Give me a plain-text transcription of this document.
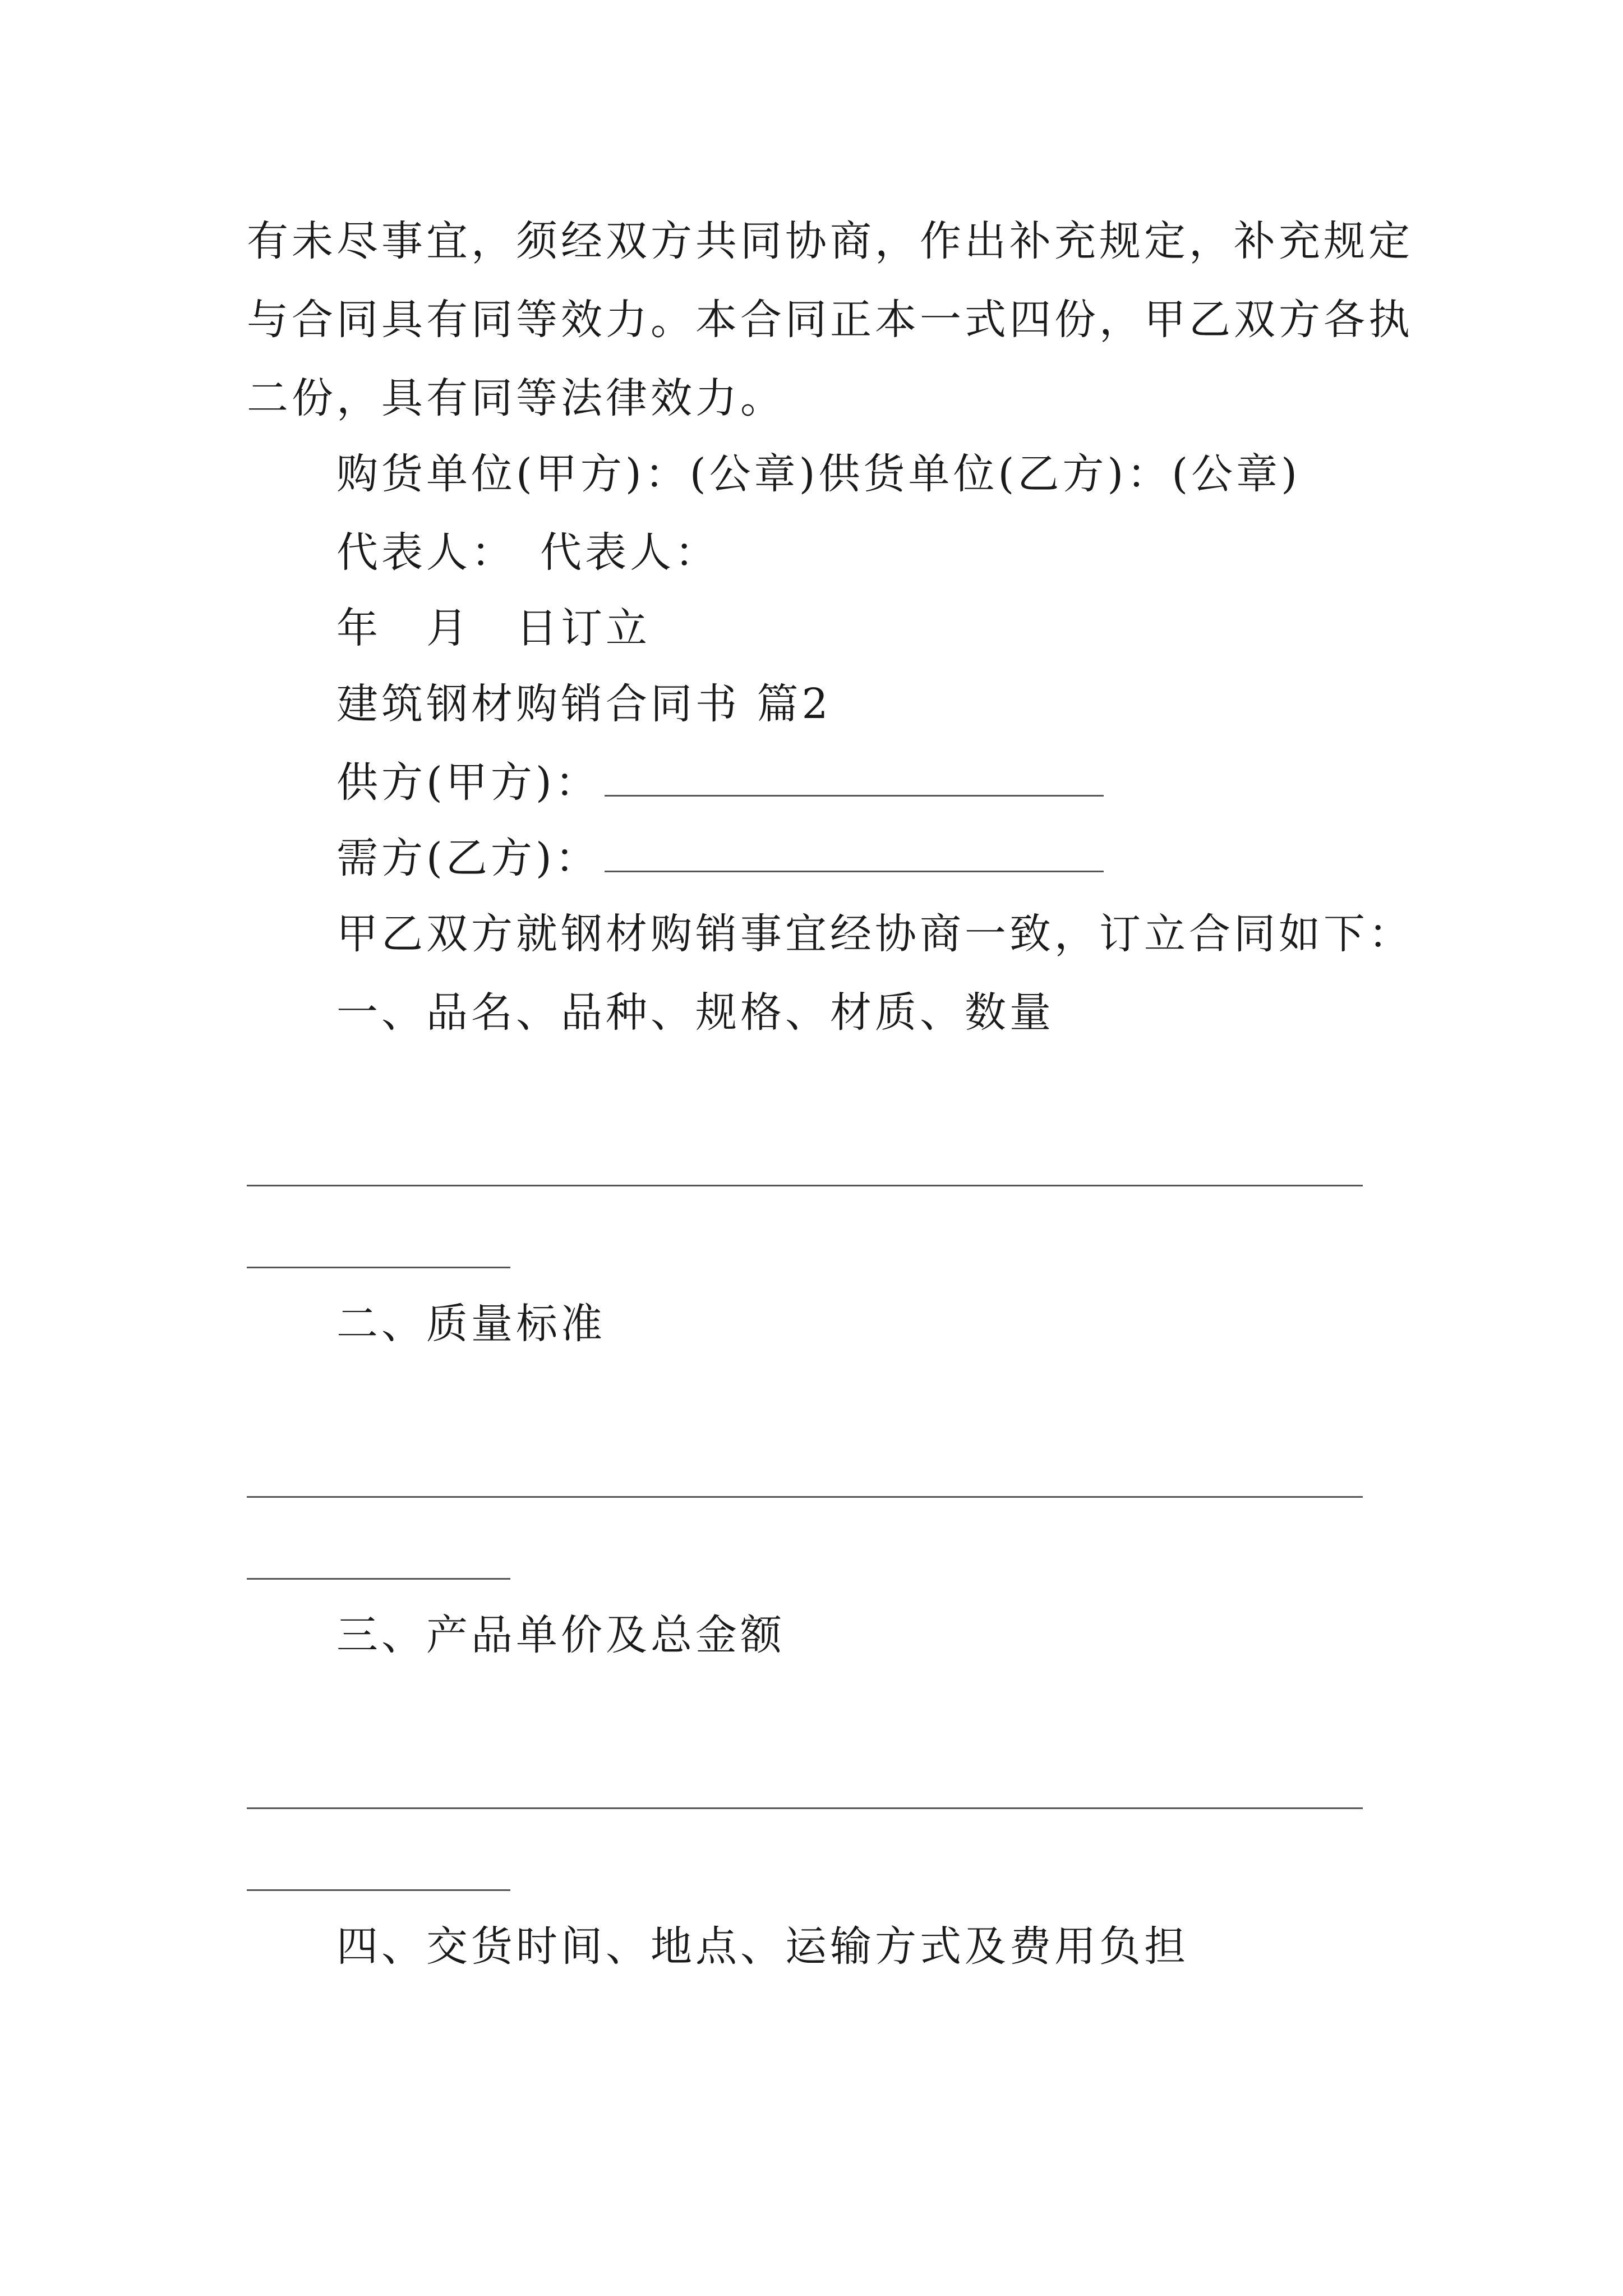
有未尽事宜，须经双方共同协商，作出补充规定，补充规定
与合同具有同等效力。本合同正本一式四份，甲乙双方各执
二份，具有同等法律效力。
购货单位(甲方)：(公章)供货单位(乙方)：(公章)
代表人：　代表人：
年　月　日订立
建筑钢材购销合同书 篇2
供方(甲方)：
需方(乙方)：
甲乙双方就钢材购销事宜经协商一致，订立合同如下：
一、品名、品种、规格、材质、数量
二、质量标准
三、产品单价及总金额
四、交货时间、地点、运输方式及费用负担
